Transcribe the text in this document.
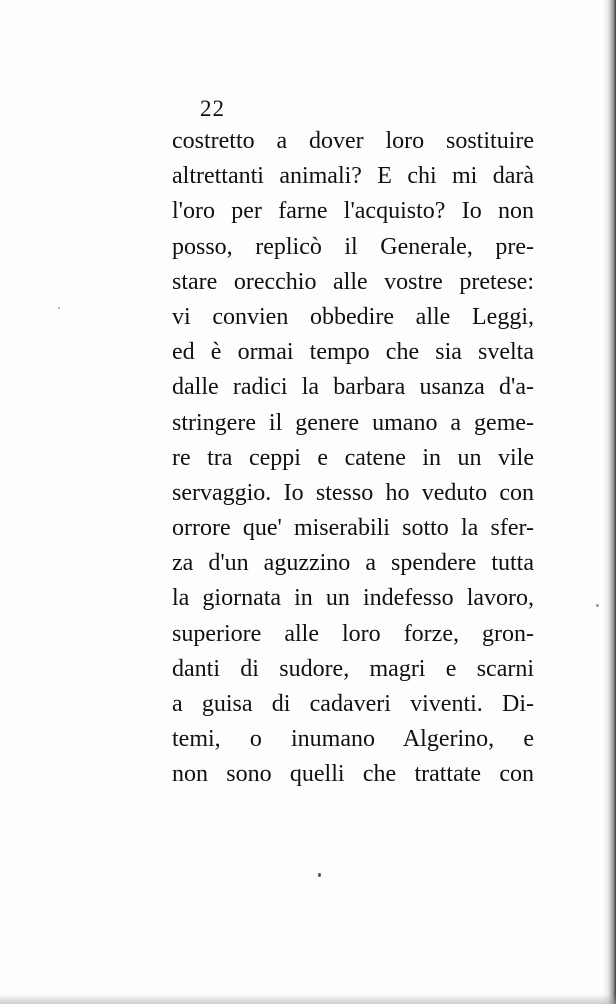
22
costretto a dover loro sostituire
altrettanti animali? E chi mi darà
l'oro per farne l'acquisto? Io non
posso, replicò il Generale, pre-
stare orecchio alle vostre pretese:
vi convien obbedire alle Leggi,
ed è ormai tempo che sia svelta
dalle radici la barbara usanza d'a-
stringere il genere umano a geme-
re tra ceppi e catene in un vile
servaggio. Io stesso ho veduto con
orrore que' miserabili sotto la sfer-
za d'un aguzzino a spendere tutta
la giornata in un indefesso lavoro,
superiore alle loro forze, gron-
danti di sudore, magri e scarni
a guisa di cadaveri viventi. Di-
temi, o inumano Algerino, e
non sono quelli che trattate con
